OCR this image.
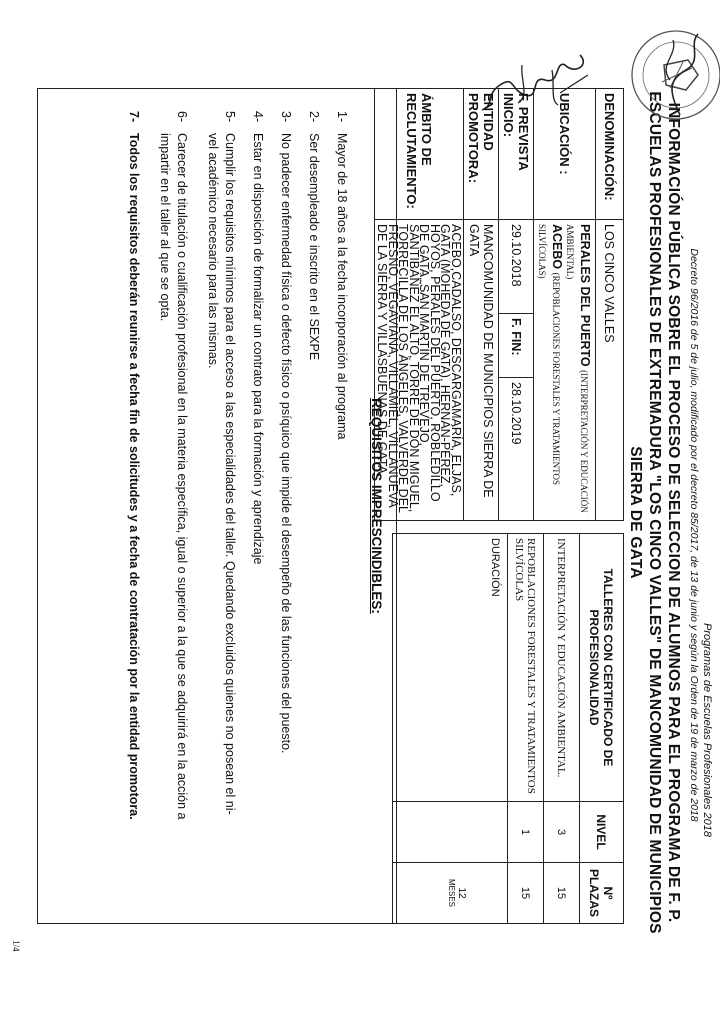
Programas de Escuelas Profesionales 2018
Decreto 96/2016 de 5 de julio, modificado por el decreto 85/2017, de 13 de junio y según la Orden de 19 de marzo de 2018
INFORMACIÓN PÚBLICA SOBRE EL PROCESO DE SELECCION DE ALUMNOS PARA EL PROGRAMA DE F. P.
ESCUELAS PROFESIONALES DE EXTREMADURA "LOS CINCO VALLES" DE MANCOMUNIDAD DE MUNICIPIOS
SIERRA DE GATA
DENOMINACIÓN:	LOS CINCO VALLES		
UBICACIÓN :	PERALES DEL PUERTO (INTERPRETACIÓN Y EDUCACIÓN AMBIENTAL)
ACEBO (REPOBLACIONES FORESTALES Y TRATAMIENTOS SILVÍCOLAS)		

F. PREVISTA INICIO:	29.10.2018	F. FIN:	28.10.2019
ENTIDAD PROMOTORA:	MANCOMUNIDAD DE MUNICIPIOS SIERRA DE GATA		
ÁMBITO DE RECLUTAMIENTO:	ACEBO,CADALSO, DESCARGAMARÍA, ELJAS, GATA (MOHEDA DE GATA), HERNÁN-PÉREZ, HOYOS, PERALES DEL PUERTO, ROBLEDILLO DE GATA, SAN MARTÍN DE TREVEJO, SANTIBÁÑEZ EL ALTO, TORRE DE DON MIGUEL, TORRECILLA DE LOS ÁNGELES, VALVERDE DEL FRESNO, VEGAVIANA, VILLAMIEL, VILLANUEVA DE LA SIERRA Y VILLASBUENAS DE GATA.		
TALLERES CON CERTIFICADO DE PROFESIONALIDAD	NIVEL	Nº PLAZAS
INTERPRETACIÓN Y EDUCACIÓN AMBIENTAL.	3	15
REPOBLACIONES FORESTALES Y TRATAMIENTOS SILVÍCOLAS	1	15
DURACIÓN		12
MESES
REQUISITOS IMPRESCINDIBLES:
1-Mayor de 18 años a la fecha incorporación al programa
2-Ser desempleado e inscrito en el SEXPE
3-No padecer enfermedad física o defecto físico o psíquico que impide el desempeño de las funciones del puesto.
4-Estar en disposición de formalizar un contrato para la formación y aprendizaje
5-Cumplir los requisitos mínimos para el acceso a las especialidades del taller. Quedando excluidos quienes no posean el ni-
vel académico necesario para las mismas.
6-Carecer de titulación o cualificación profesional en la materia específica, igual o superior a la que se adquirirá en la acción a
impartir en el taller al que se opta.
7-Todos los requisitos deberán reunirse a fecha fin de solicitudes y a fecha de contratación por la entidad promotora.
1/4
